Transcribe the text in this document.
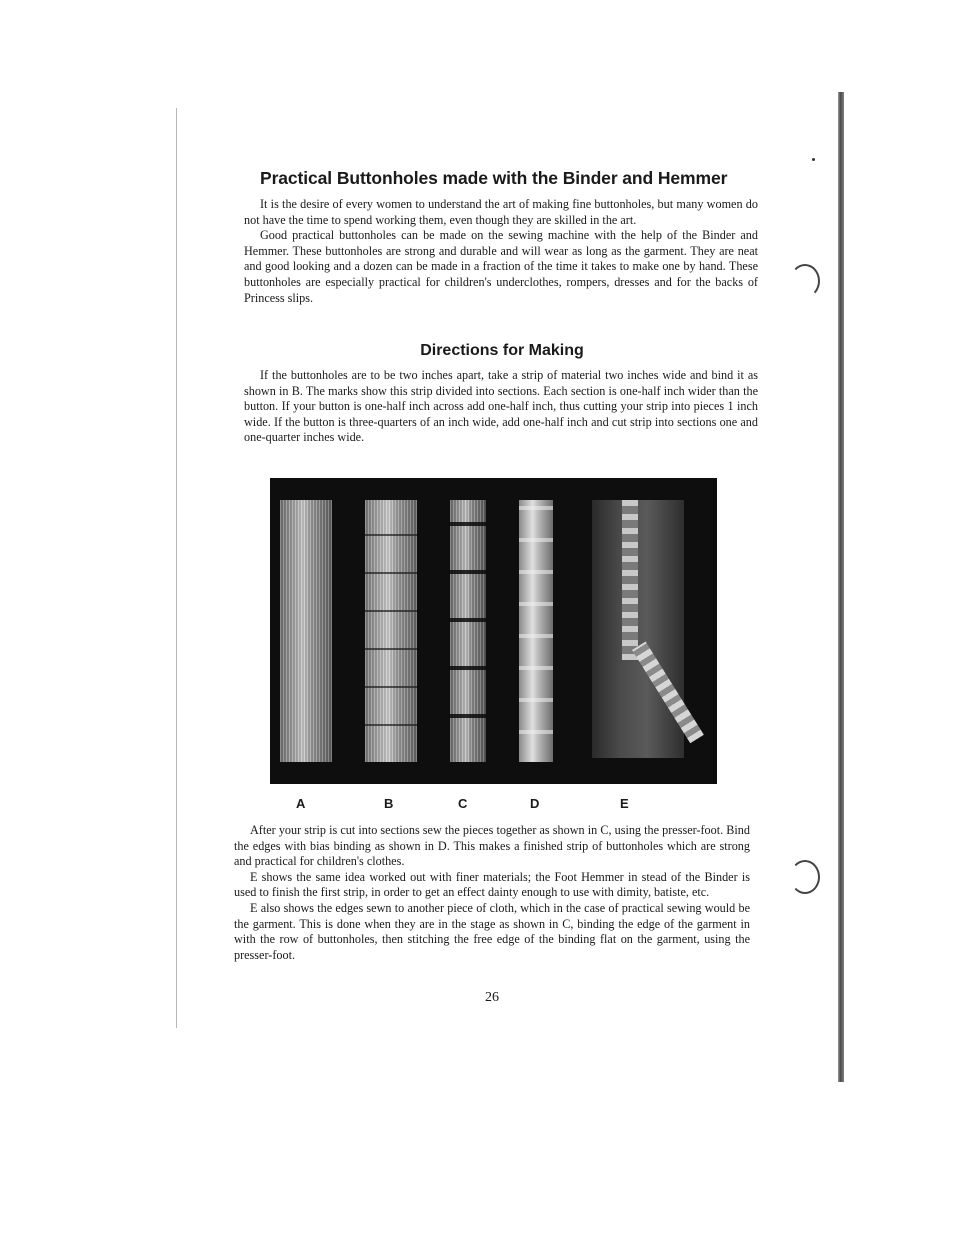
Practical Buttonholes made with the Binder and Hemmer

It is the desire of every women to understand the art of making fine buttonholes, but many women do not have the time to spend working them, even though they are skilled in the art.

Good practical buttonholes can be made on the sewing machine with the help of the Binder and Hemmer. These buttonholes are strong and durable and will wear as long as the garment. They are neat and good looking and a dozen can be made in a fraction of the time it takes to make one by hand. These buttonholes are especially practical for children's underclothes, rompers, dresses and for the backs of Princess slips.

Directions for Making

If the buttonholes are to be two inches apart, take a strip of material two inches wide and bind it as shown in B. The marks show this strip divided into sections. Each section is one-half inch wider than the button. If your button is one-half inch across add one-half inch, thus cutting your strip into pieces 1 inch wide. If the button is three-quarters of an inch wide, add one-half inch and cut strip into sections one and one-quarter inches wide.

A	B	C	D	E

After your strip is cut into sections sew the pieces together as shown in C, using the presser-foot. Bind the edges with bias binding as shown in D. This makes a finished strip of buttonholes which are strong and practical for children's clothes.

E shows the same idea worked out with finer materials; the Foot Hemmer in stead of the Binder is used to finish the first strip, in order to get an effect dainty enough to use with dimity, batiste, etc.

E also shows the edges sewn to another piece of cloth, which in the case of practical sewing would be the garment. This is done when they are in the stage as shown in C, binding the edge of the garment in with the row of buttonholes, then stitching the free edge of the binding flat on the garment, using the presser-foot.

26
